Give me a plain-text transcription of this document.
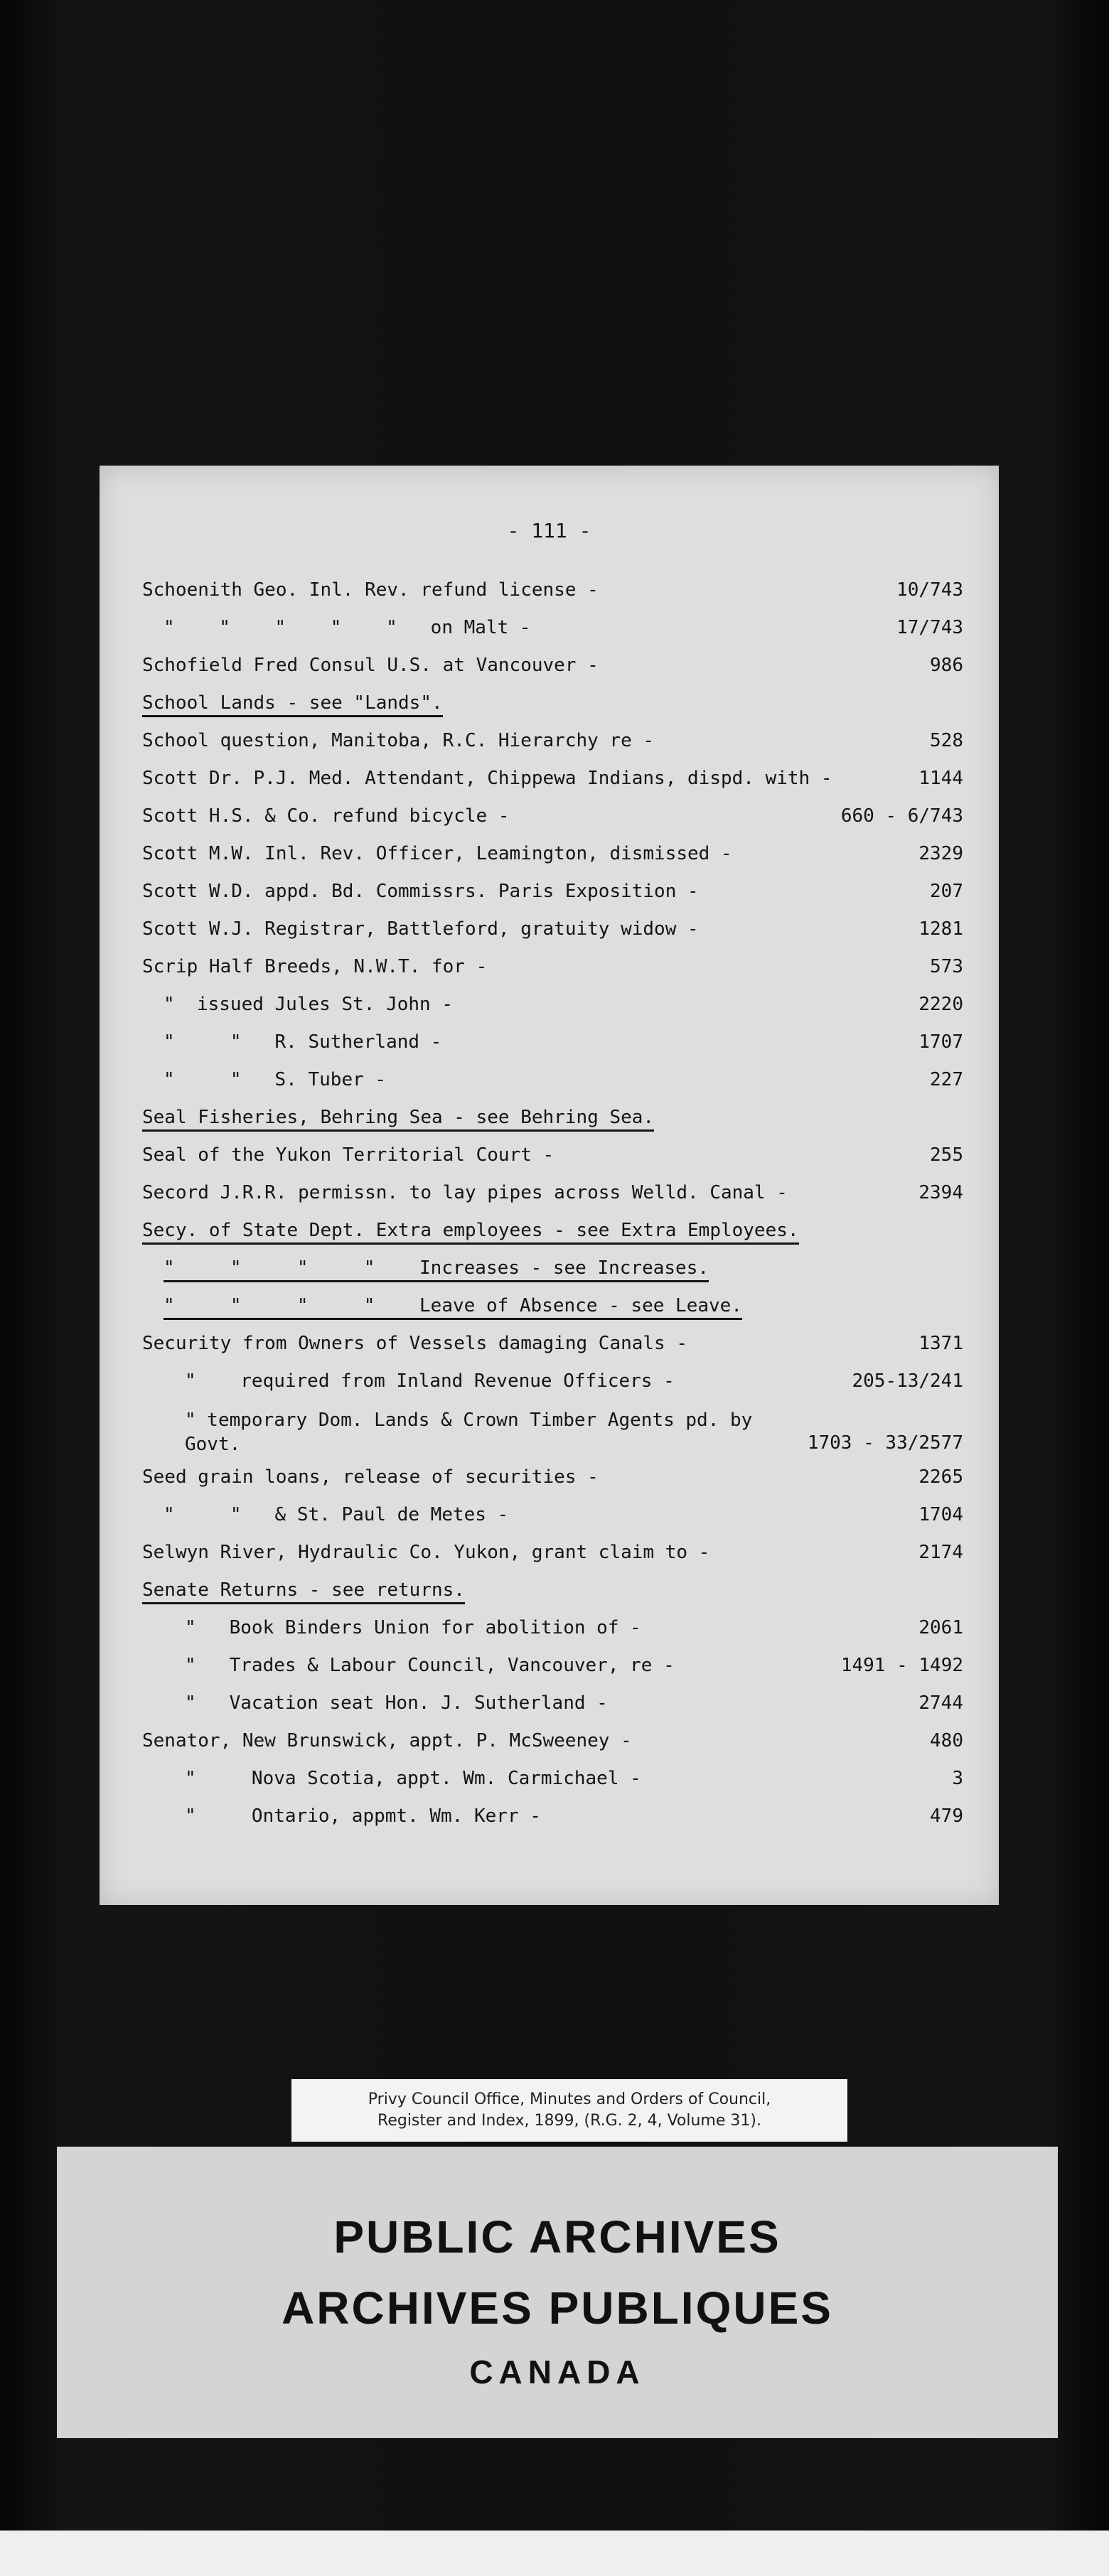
- 111 -
Schoenith Geo. Inl. Rev. refund license -	10/743
"    "    "    "    "   on Malt -	17/743
Schofield Fred Consul U.S. at Vancouver -	986
School Lands - see "Lands".
School question, Manitoba, R.C. Hierarchy re -	528
Scott Dr. P.J. Med. Attendant, Chippewa Indians, dispd. with -	1144
Scott H.S. & Co. refund bicycle -	660 - 6/743
Scott M.W. Inl. Rev. Officer, Leamington, dismissed -	2329
Scott W.D. appd. Bd. Commissrs. Paris Exposition -	207
Scott W.J. Registrar, Battleford, gratuity widow -	1281
Scrip Half Breeds, N.W.T. for -	573
"  issued Jules St. John -	2220
"     "   R. Sutherland -	1707
"     "   S. Tuber -	227
Seal Fisheries, Behring Sea - see Behring Sea.
Seal of the Yukon Territorial Court -	255
Secord J.R.R. permissn. to lay pipes across Welld. Canal -	2394
Secy. of State Dept. Extra employees - see Extra Employees.
"     "     "     "    Increases - see Increases.
"     "     "     "    Leave of Absence - see Leave.
Security from Owners of Vessels damaging Canals -	1371
"    required from Inland Revenue Officers -	205-13/241
" temporary Dom. Lands & Crown Timber Agents pd. by
Govt.	1703 - 33/2577
Seed grain loans, release of securities -	2265
"     "   & St. Paul de Metes -	1704
Selwyn River, Hydraulic Co. Yukon, grant claim to -	2174
Senate Returns - see returns.
"   Book Binders Union for abolition of -	2061
"   Trades & Labour Council, Vancouver, re -	1491 - 1492
"   Vacation seat Hon. J. Sutherland -	2744
Senator, New Brunswick, appt. P. McSweeney -	480
"     Nova Scotia, appt. Wm. Carmichael -	3
"     Ontario, appmt. Wm. Kerr -	479
Privy Council Office, Minutes and Orders of Council,
Register and Index, 1899, (R.G. 2, 4, Volume 31).
PUBLIC ARCHIVES
ARCHIVES PUBLIQUES
CANADA
